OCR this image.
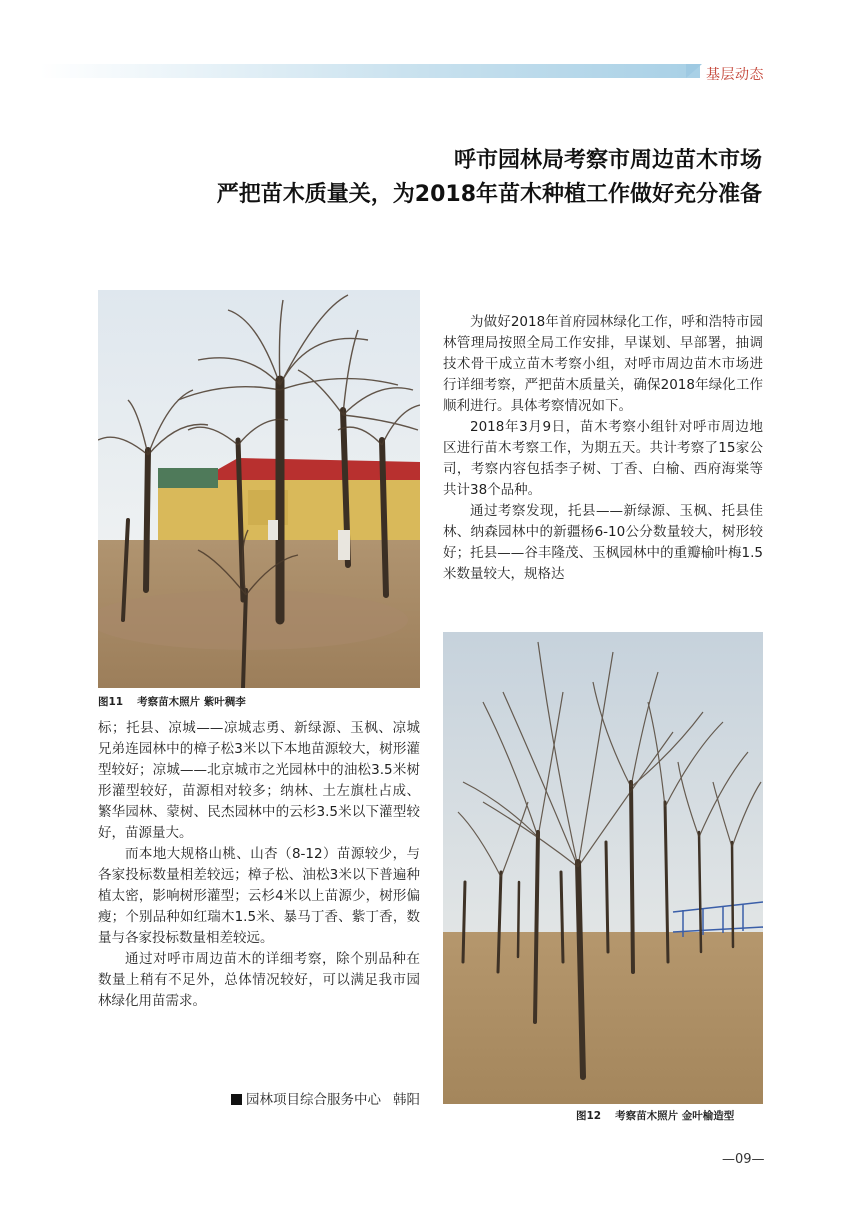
基层动态
呼市园林局考察市周边苗木市场
严把苗木质量关，为2018年苗木种植工作做好充分准备
图11 考察苗木照片 紫叶稠李
图12 考察苗木照片 金叶榆造型

为做好2018年首府园林绿化工作，呼和浩特市园林管理局按照全局工作安排，早谋划、早部署，抽调技术骨干成立苗木考察小组，对呼市周边苗木市场进行详细考察，严把苗木质量关，确保2018年绿化工作顺利进行。具体考察情况如下。
2018年3月9日，苗木考察小组针对呼市周边地区进行苗木考察工作，为期五天。共计考察了15家公司，考察内容包括李子树、丁香、白榆、西府海棠等共计38个品种。
通过考察发现，托县——新绿源、玉枫、托县佳林、纳森园林中的新疆杨6-10公分数量较大，树形较好；托县——谷丰隆茂、玉枫园林中的重瓣榆叶梅1.5米数量较大，规格达

标；托县、凉城——凉城志勇、新绿源、玉枫、凉城兄弟连园林中的樟子松3米以下本地苗源较大，树形灌型较好；凉城——北京城市之光园林中的油松3.5米树形灌型较好，苗源相对较多；纳林、土左旗杜占成、繁华园林、蒙树、民杰园林中的云杉3.5米以下灌型较好，苗源量大。
而本地大规格山桃、山杏（8-12）苗源较少，与各家投标数量相差较远；樟子松、油松3米以下普遍种植太密，影响树形灌型；云杉4米以上苗源少，树形偏瘦；个别品种如红瑞木1.5米、暴马丁香、紫丁香，数量与各家投标数量相差较远。
通过对呼市周边苗木的详细考察，除个别品种在数量上稍有不足外，总体情况较好，可以满足我市园林绿化用苗需求。

园林项目综合服务中心 韩阳
—09—
